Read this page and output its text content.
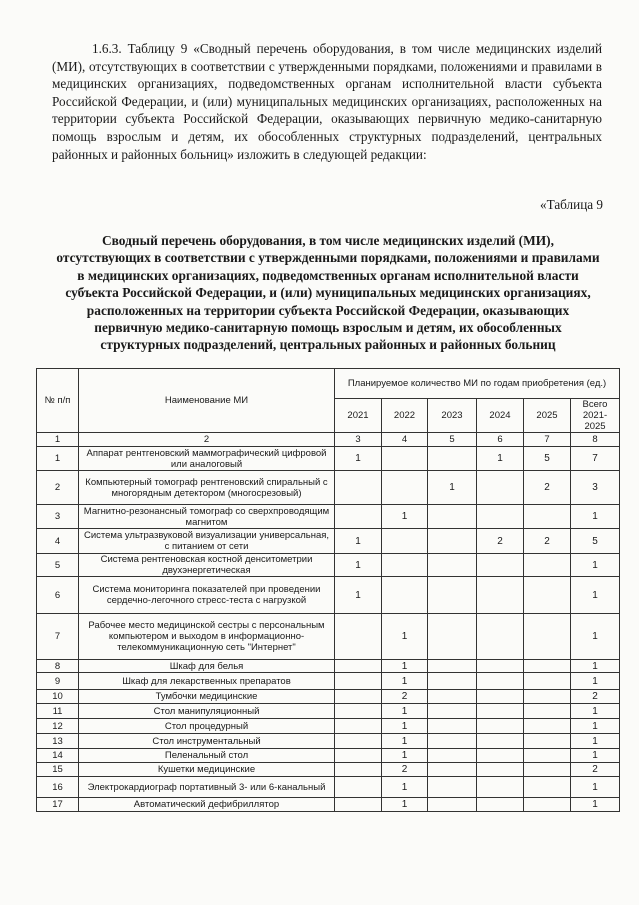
1.6.3. Таблицу 9 «Сводный перечень оборудования, в том числе медицинских изделий (МИ), отсутствующих в соответствии с утвержденными порядками, положениями и правилами в медицинских организациях, подведомственных органам исполнительной власти субъекта Российской Федерации, и (или) муниципальных медицинских организациях, расположенных на территории субъекта Российской Федерации, оказывающих первичную медико-санитарную помощь взрослым и детям, их обособленных структурных подразделений, центральных районных и районных больниц» изложить в следующей редакции:
«Таблица 9
Сводный перечень оборудования, в том числе медицинских изделий (МИ), отсутствующих в соответствии с утвержденными порядками, положениями и правилами в медицинских организациях, подведомственных органам исполнительной власти субъекта Российской Федерации, и (или) муниципальных медицинских организациях, расположенных на территории субъекта Российской Федерации, оказывающих первичную медико-санитарную помощь взрослым и детям, их обособленных структурных подразделений, центральных районных и районных больниц
№ п/п	Наименование МИ	Планируемое количество МИ по годам приобретения (ед.)					
		2021	2022	2023	2024	2025	Всего 2021-2025
1	2	3	4	5	6	7	8
1	Аппарат рентгеновский маммографический цифровой или аналоговый	1			1	5	7
2	Компьютерный томограф рентгеновский спиральный с многорядным детектором (многосрезовый)			1		2	3
3	Магнитно-резонансный томограф со сверхпроводящим магнитом		1				1
4	Система ультразвуковой визуализации универсальная, с питанием от сети	1			2	2	5
5	Система рентгеновская костной денситометрии двухэнергетическая	1					1
6	Система мониторинга показателей при проведении сердечно-легочного стресс-теста с нагрузкой	1					1
7	Рабочее место медицинской сестры с персональным компьютером и выходом в информационно-телекоммуникационную сеть "Интернет"		1				1
8	Шкаф для белья		1				1
9	Шкаф для лекарственных препаратов		1				1
10	Тумбочки медицинские		2				2
11	Стол манипуляционный		1				1
12	Стол процедурный		1				1
13	Стол инструментальный		1				1
14	Пеленальный стол		1				1
15	Кушетки медицинские		2				2
16	Электрокардиограф портативный 3- или 6-канальный		1				1
17	Автоматический дефибриллятор		1				1
